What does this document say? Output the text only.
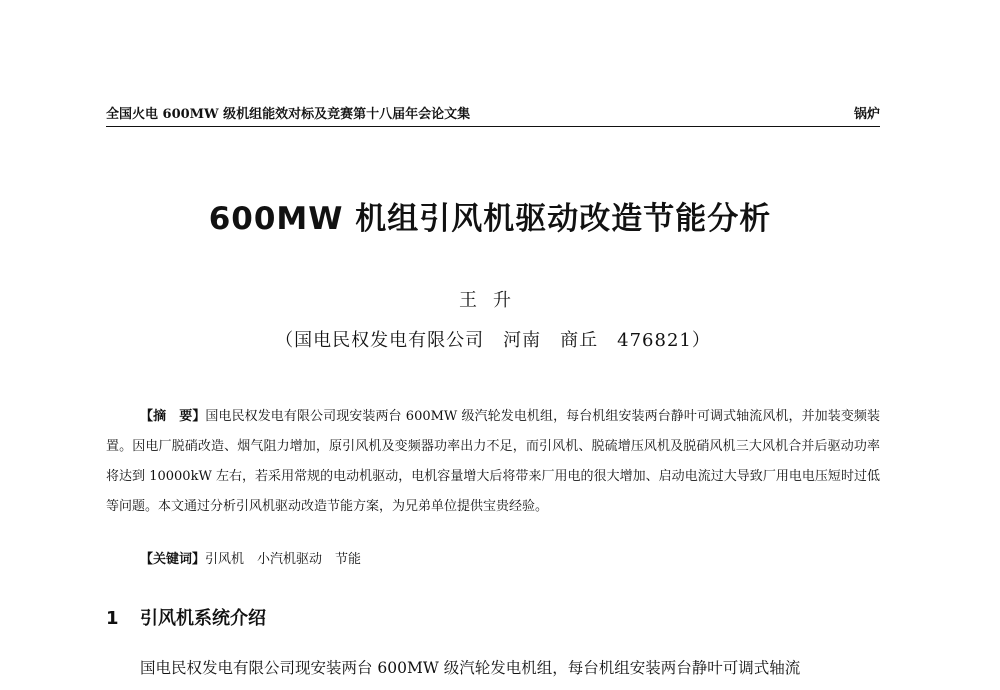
全国火电 600MW 级机组能效对标及竞赛第十八届年会论文集	锅炉
600MW 机组引风机驱动改造节能分析
王升
（国电民权发电有限公司　河南　商丘　476821）
【摘　要】国电民权发电有限公司现安装两台 600MW 级汽轮发电机组，每台机组安装两台静叶可调式轴流风机，并加装变频装置。因电厂脱硝改造、烟气阻力增加，原引风机及变频器功率出力不足，而引风机、脱硫增压风机及脱硝风机三大风机合并后驱动功率将达到 10000kW 左右，若采用常规的电动机驱动，电机容量增大后将带来厂用电的很大增加、启动电流过大导致厂用电电压短时过低等问题。本文通过分析引风机驱动改造节能方案，为兄弟单位提供宝贵经验。
【关键词】引风机　小汽机驱动　节能
1 引风机系统介绍
国电民权发电有限公司现安装两台 600MW 级汽轮发电机组，每台机组安装两台静叶可调式轴流
